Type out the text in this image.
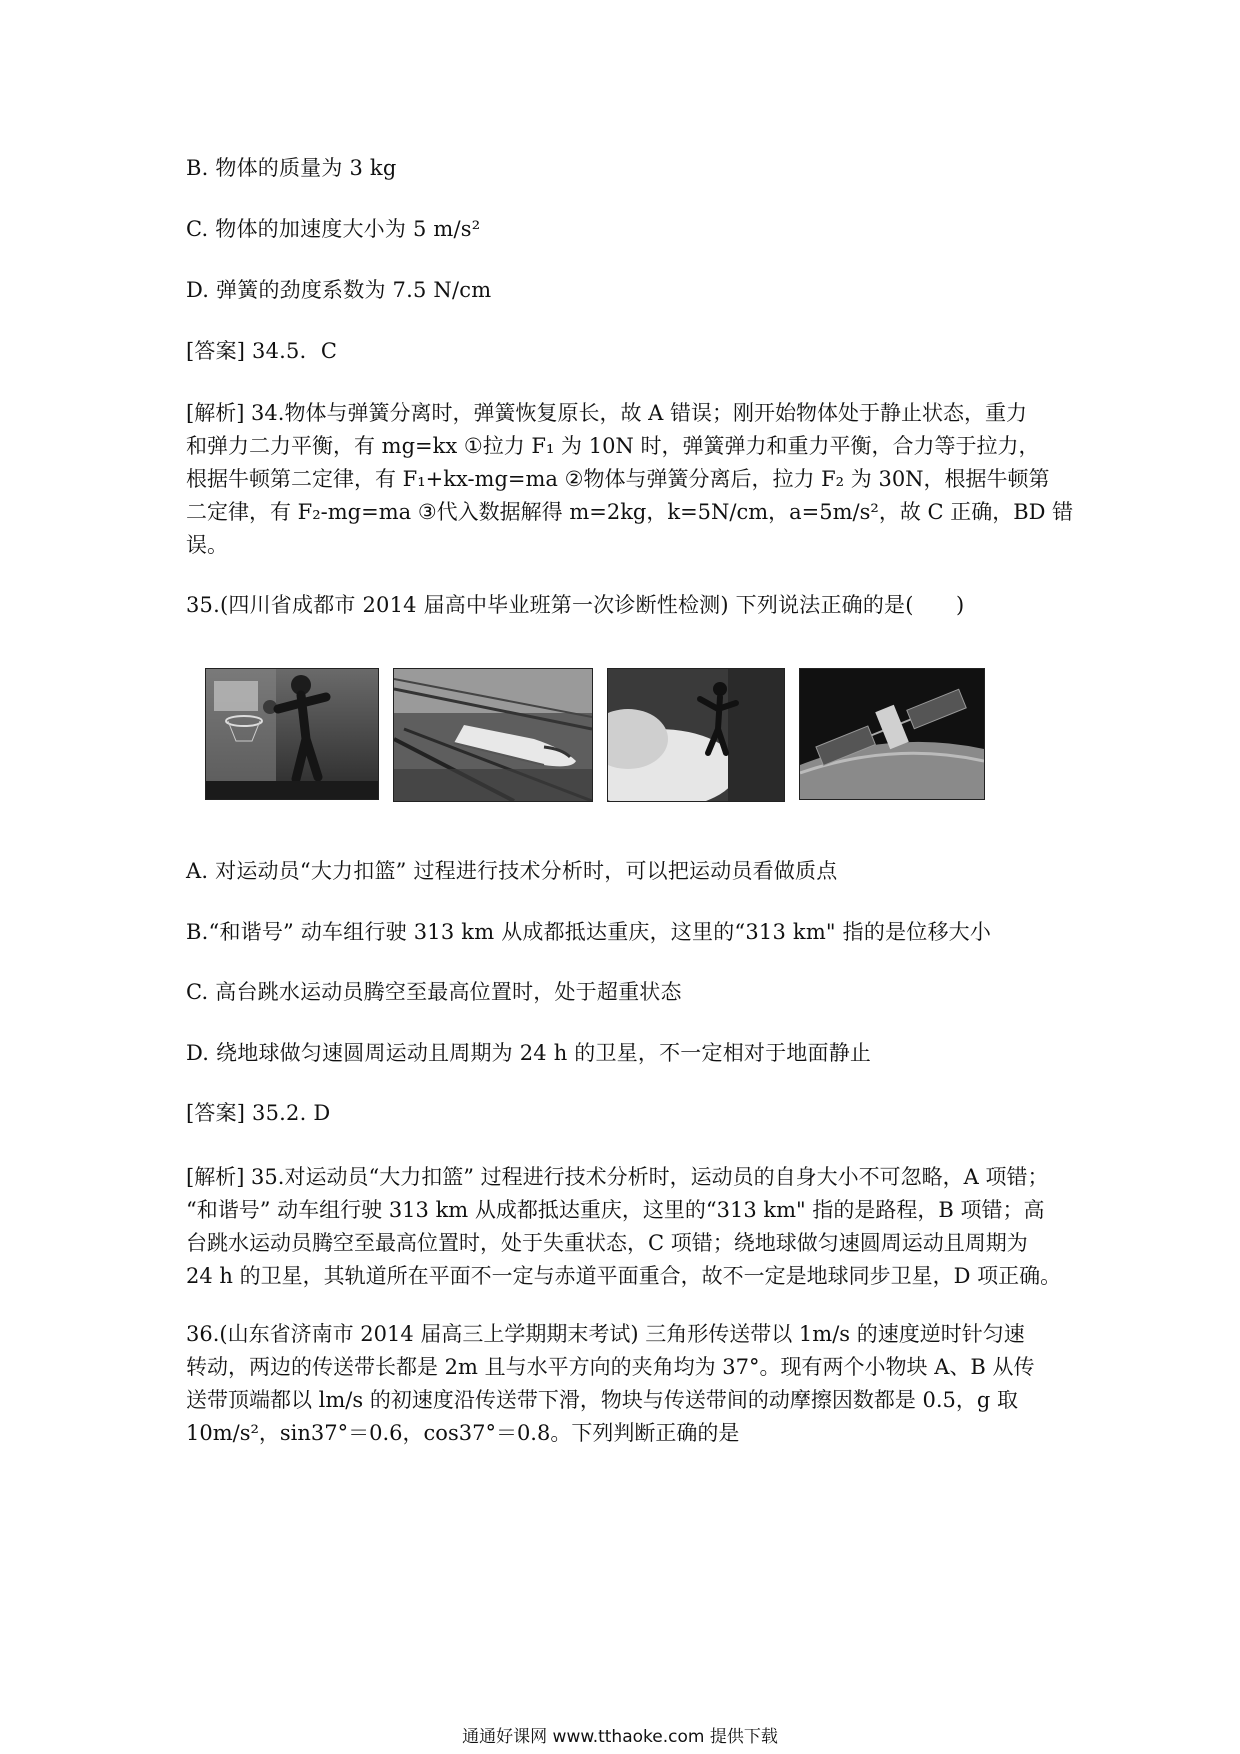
B. 物体的质量为 3 kg
C. 物体的加速度大小为 5 m/s²
D. 弹簧的劲度系数为 7.5 N/cm
[答案] 34.5．C
[解析] 34.物体与弹簧分离时，弹簧恢复原长，故 A 错误；刚开始物体处于静止状态，重力
和弹力二力平衡，有 mg=kx ①拉力 F₁ 为 10N 时，弹簧弹力和重力平衡，合力等于拉力，
根据牛顿第二定律，有 F₁+kx-mg=ma ②物体与弹簧分离后，拉力 F₂ 为 30N，根据牛顿第
二定律，有 F₂-mg=ma ③代入数据解得 m=2kg，k=5N/cm，a=5m/s²，故 C 正确，BD 错
误。
35.(四川省成都市 2014 届高中毕业班第一次诊断性检测) 下列说法正确的是(　　)
A. 对运动员“大力扣篮” 过程进行技术分析时，可以把运动员看做质点
B.“和谐号” 动车组行驶 313 km 从成都抵达重庆，这里的“313 km" 指的是位移大小
C. 高台跳水运动员腾空至最高位置时，处于超重状态
D. 绕地球做匀速圆周运动且周期为 24 h 的卫星，不一定相对于地面静止
[答案] 35.2. D
[解析] 35.对运动员“大力扣篮” 过程进行技术分析时，运动员的自身大小不可忽略，A 项错；
“和谐号” 动车组行驶 313 km 从成都抵达重庆，这里的“313 km" 指的是路程，B 项错；高
台跳水运动员腾空至最高位置时，处于失重状态，C 项错；绕地球做匀速圆周运动且周期为
24 h 的卫星，其轨道所在平面不一定与赤道平面重合，故不一定是地球同步卫星，D 项正确。
36.(山东省济南市 2014 届高三上学期期末考试) 三角形传送带以 1m/s 的速度逆时针匀速
转动，两边的传送带长都是 2m 且与水平方向的夹角均为 37°。现有两个小物块 A、B 从传
送带顶端都以 lm/s 的初速度沿传送带下滑，物块与传送带间的动摩擦因数都是 0.5，g 取
10m/s²，sin37°＝0.6，cos37°＝0.8。下列判断正确的是
通通好课网 www.tthaoke.com 提供下载
